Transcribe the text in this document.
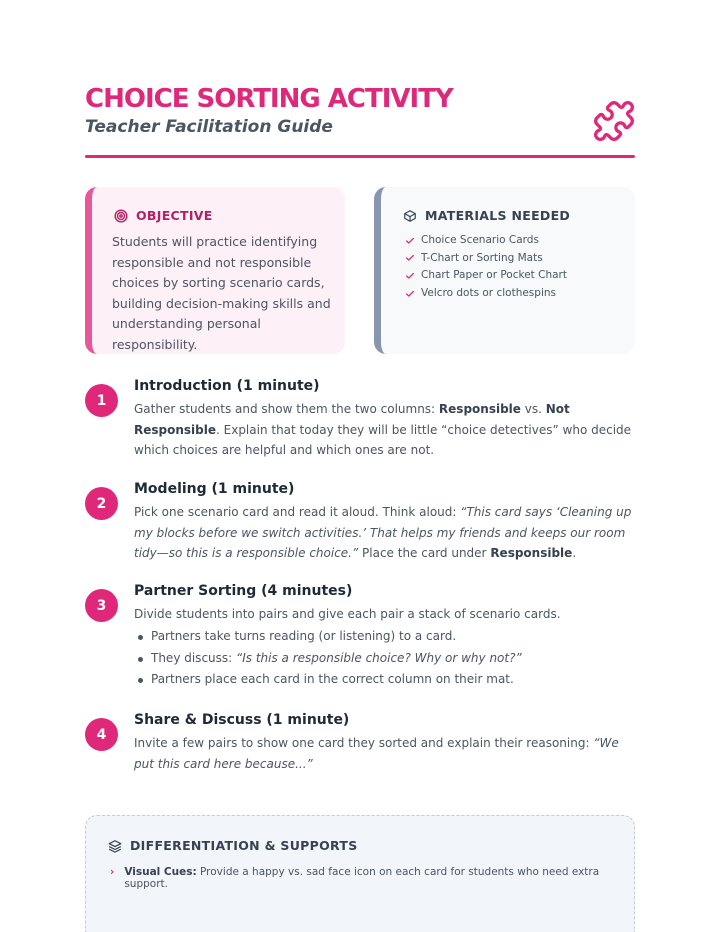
CHOICE SORTING ACTIVITY

Teacher Facilitation Guide

OBJECTIVE

Students will practice identifying responsible and not responsible choices by sorting scenario cards, building decision-making skills and understanding personal responsibility.

MATERIALS NEEDED
Choice Scenario Cards
T-Chart or Sorting Mats
Chart Paper or Pocket Chart
Velcro dots or clothespins
1
Introduction (1 minute)

Gather students and show them the two columns: Responsible vs. Not Responsible. Explain that today they will be little “choice detectives” who decide which choices are helpful and which ones are not.

2
Modeling (1 minute)

Pick one scenario card and read it aloud. Think aloud: “This card says ‘Cleaning up my blocks before we switch activities.’ That helps my friends and keeps our room tidy—so this is a responsible choice.” Place the card under Responsible.

3
Partner Sorting (4 minutes)

Divide students into pairs and give each pair a stack of scenario cards.

Partners take turns reading (or listening) to a card.
They discuss: “Is this a responsible choice? Why or why not?”
Partners place each card in the correct column on their mat.
4
Share & Discuss (1 minute)

Invite a few pairs to show one card they sorted and explain their reasoning: “We put this card here because...”

DIFFERENTIATION & SUPPORTS
› Visual Cues: Provide a happy vs. sad face icon on each card for students who need extra support.
